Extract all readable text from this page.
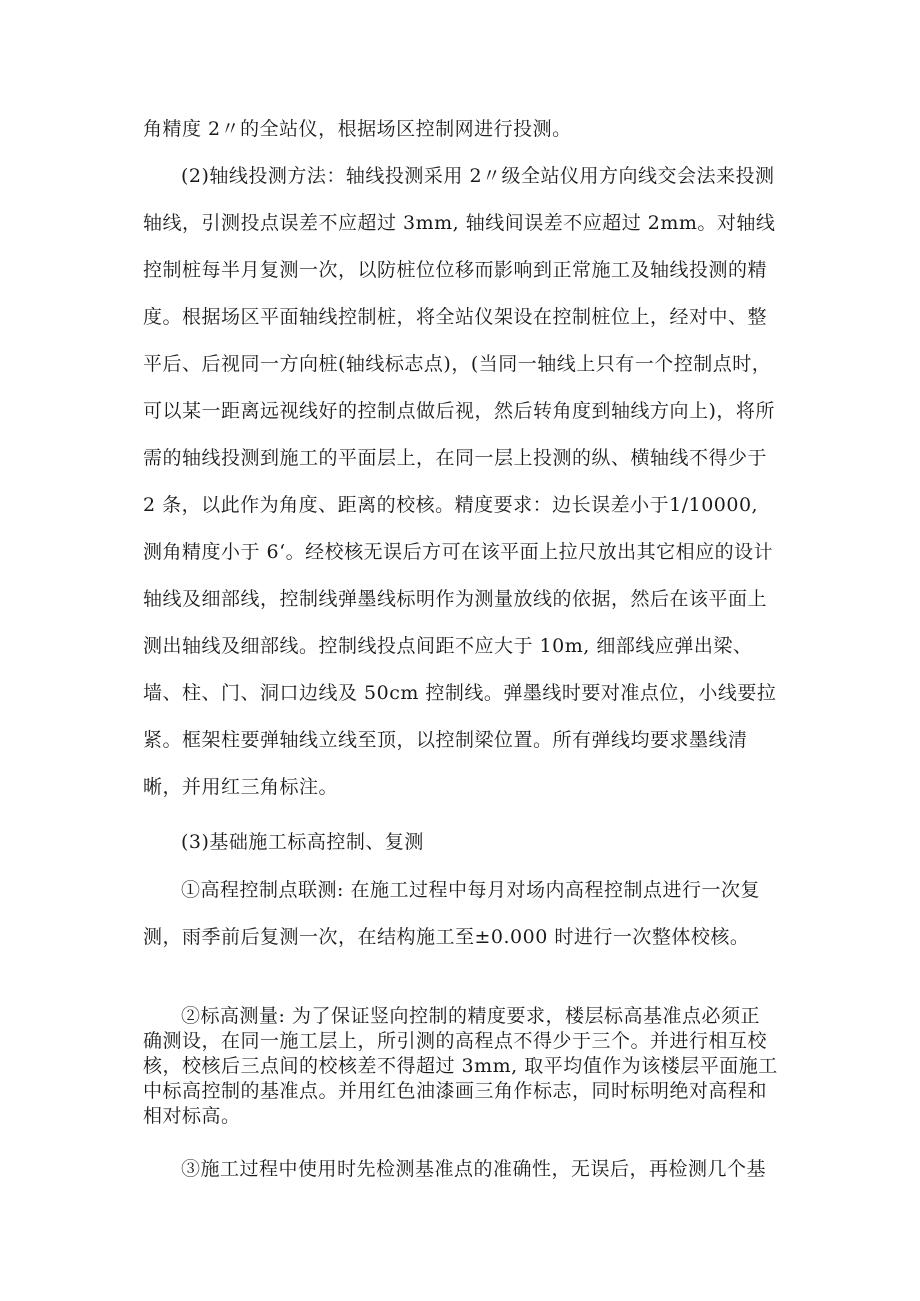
角精度 2〃的全站仪，根据场区控制网进行投测。

(2)轴线投测方法：轴线投测采用 2〃级全站仪用方向线交会法来投测轴线，引测投点误差不应超过 3mm, 轴线间误差不应超过 2mm。对轴线控制桩每半月复测一次，以防桩位位移而影响到正常施工及轴线投测的精度。根据场区平面轴线控制桩，将全站仪架设在控制桩位上，经对中、整平后、后视同一方向桩(轴线标志点)，(当同一轴线上只有一个控制点时，可以某一距离远视线好的控制点做后视，然后转角度到轴线方向上)，将所需的轴线投测到施工的平面层上，在同一层上投测的纵、横轴线不得少于 2 条，以此作为角度、距离的校核。精度要求：边长误差小于1/10000, 测角精度小于 6‘。经校核无误后方可在该平面上拉尺放出其它相应的设计轴线及细部线，控制线弹墨线标明作为测量放线的依据，然后在该平面上测出轴线及细部线。控制线投点间距不应大于 10m, 细部线应弹出梁、墙、柱、门、洞口边线及 50cm 控制线。弹墨线时要对准点位，小线要拉紧。框架柱要弹轴线立线至顶，以控制梁位置。所有弹线均要求墨线清晰，并用红三角标注。

(3)基础施工标高控制、复测

①高程控制点联测: 在施工过程中每月对场内高程控制点进行一次复测，雨季前后复测一次，在结构施工至±0.000 时进行一次整体校核。

②标高测量: 为了保证竖向控制的精度要求，楼层标高基准点必须正确测设，在同一施工层上，所引测的高程点不得少于三个。并进行相互校核，校核后三点间的校核差不得超过 3mm, 取平均值作为该楼层平面施工中标高控制的基准点。并用红色油漆画三角作标志，同时标明绝对高程和相对标高。

③施工过程中使用时先检测基准点的准确性，无误后，再检测几个基
